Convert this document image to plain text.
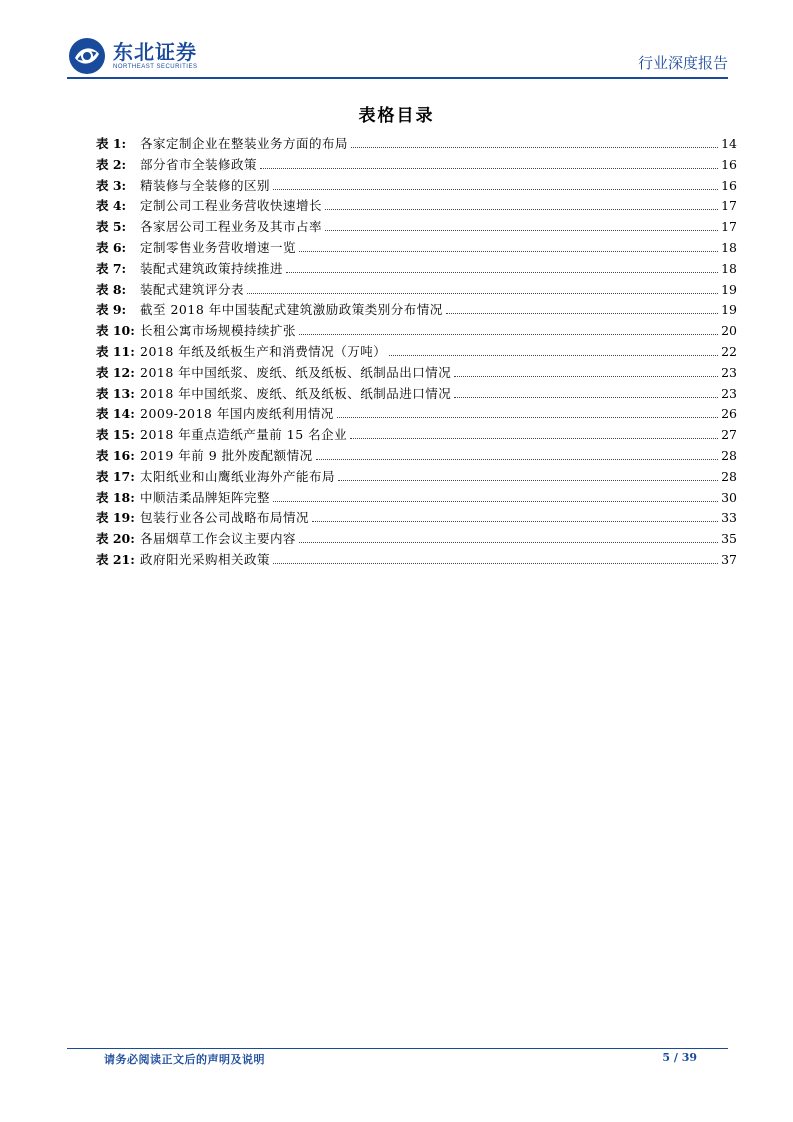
东北证券
NORTHEAST SECURITIES	行业深度报告
表格目录
表 1:	各家定制企业在整装业务方面的布局	14
表 2:	部分省市全装修政策	16
表 3:	精装修与全装修的区别	16
表 4:	定制公司工程业务营收快速增长	17
表 5:	各家居公司工程业务及其市占率	17
表 6:	定制零售业务营收增速一览	18
表 7:	装配式建筑政策持续推进	18
表 8:	装配式建筑评分表	19
表 9:	截至 2018 年中国装配式建筑激励政策类别分布情况	19
表 10: 长租公寓市场规模持续扩张	20
表 11: 2018 年纸及纸板生产和消费情况（万吨）	22
表 12: 2018 年中国纸浆、废纸、纸及纸板、纸制品出口情况	23
表 13: 2018 年中国纸浆、废纸、纸及纸板、纸制品进口情况	23
表 14: 2009-2018 年国内废纸利用情况	26
表 15: 2018 年重点造纸产量前 15 名企业	27
表 16: 2019 年前 9 批外废配额情况	28
表 17: 太阳纸业和山鹰纸业海外产能布局	28
表 18: 中顺洁柔品牌矩阵完整	30
表 19: 包装行业各公司战略布局情况	33
表 20: 各届烟草工作会议主要内容	35
表 21: 政府阳光采购相关政策	37
请务必阅读正文后的声明及说明	5 / 39
